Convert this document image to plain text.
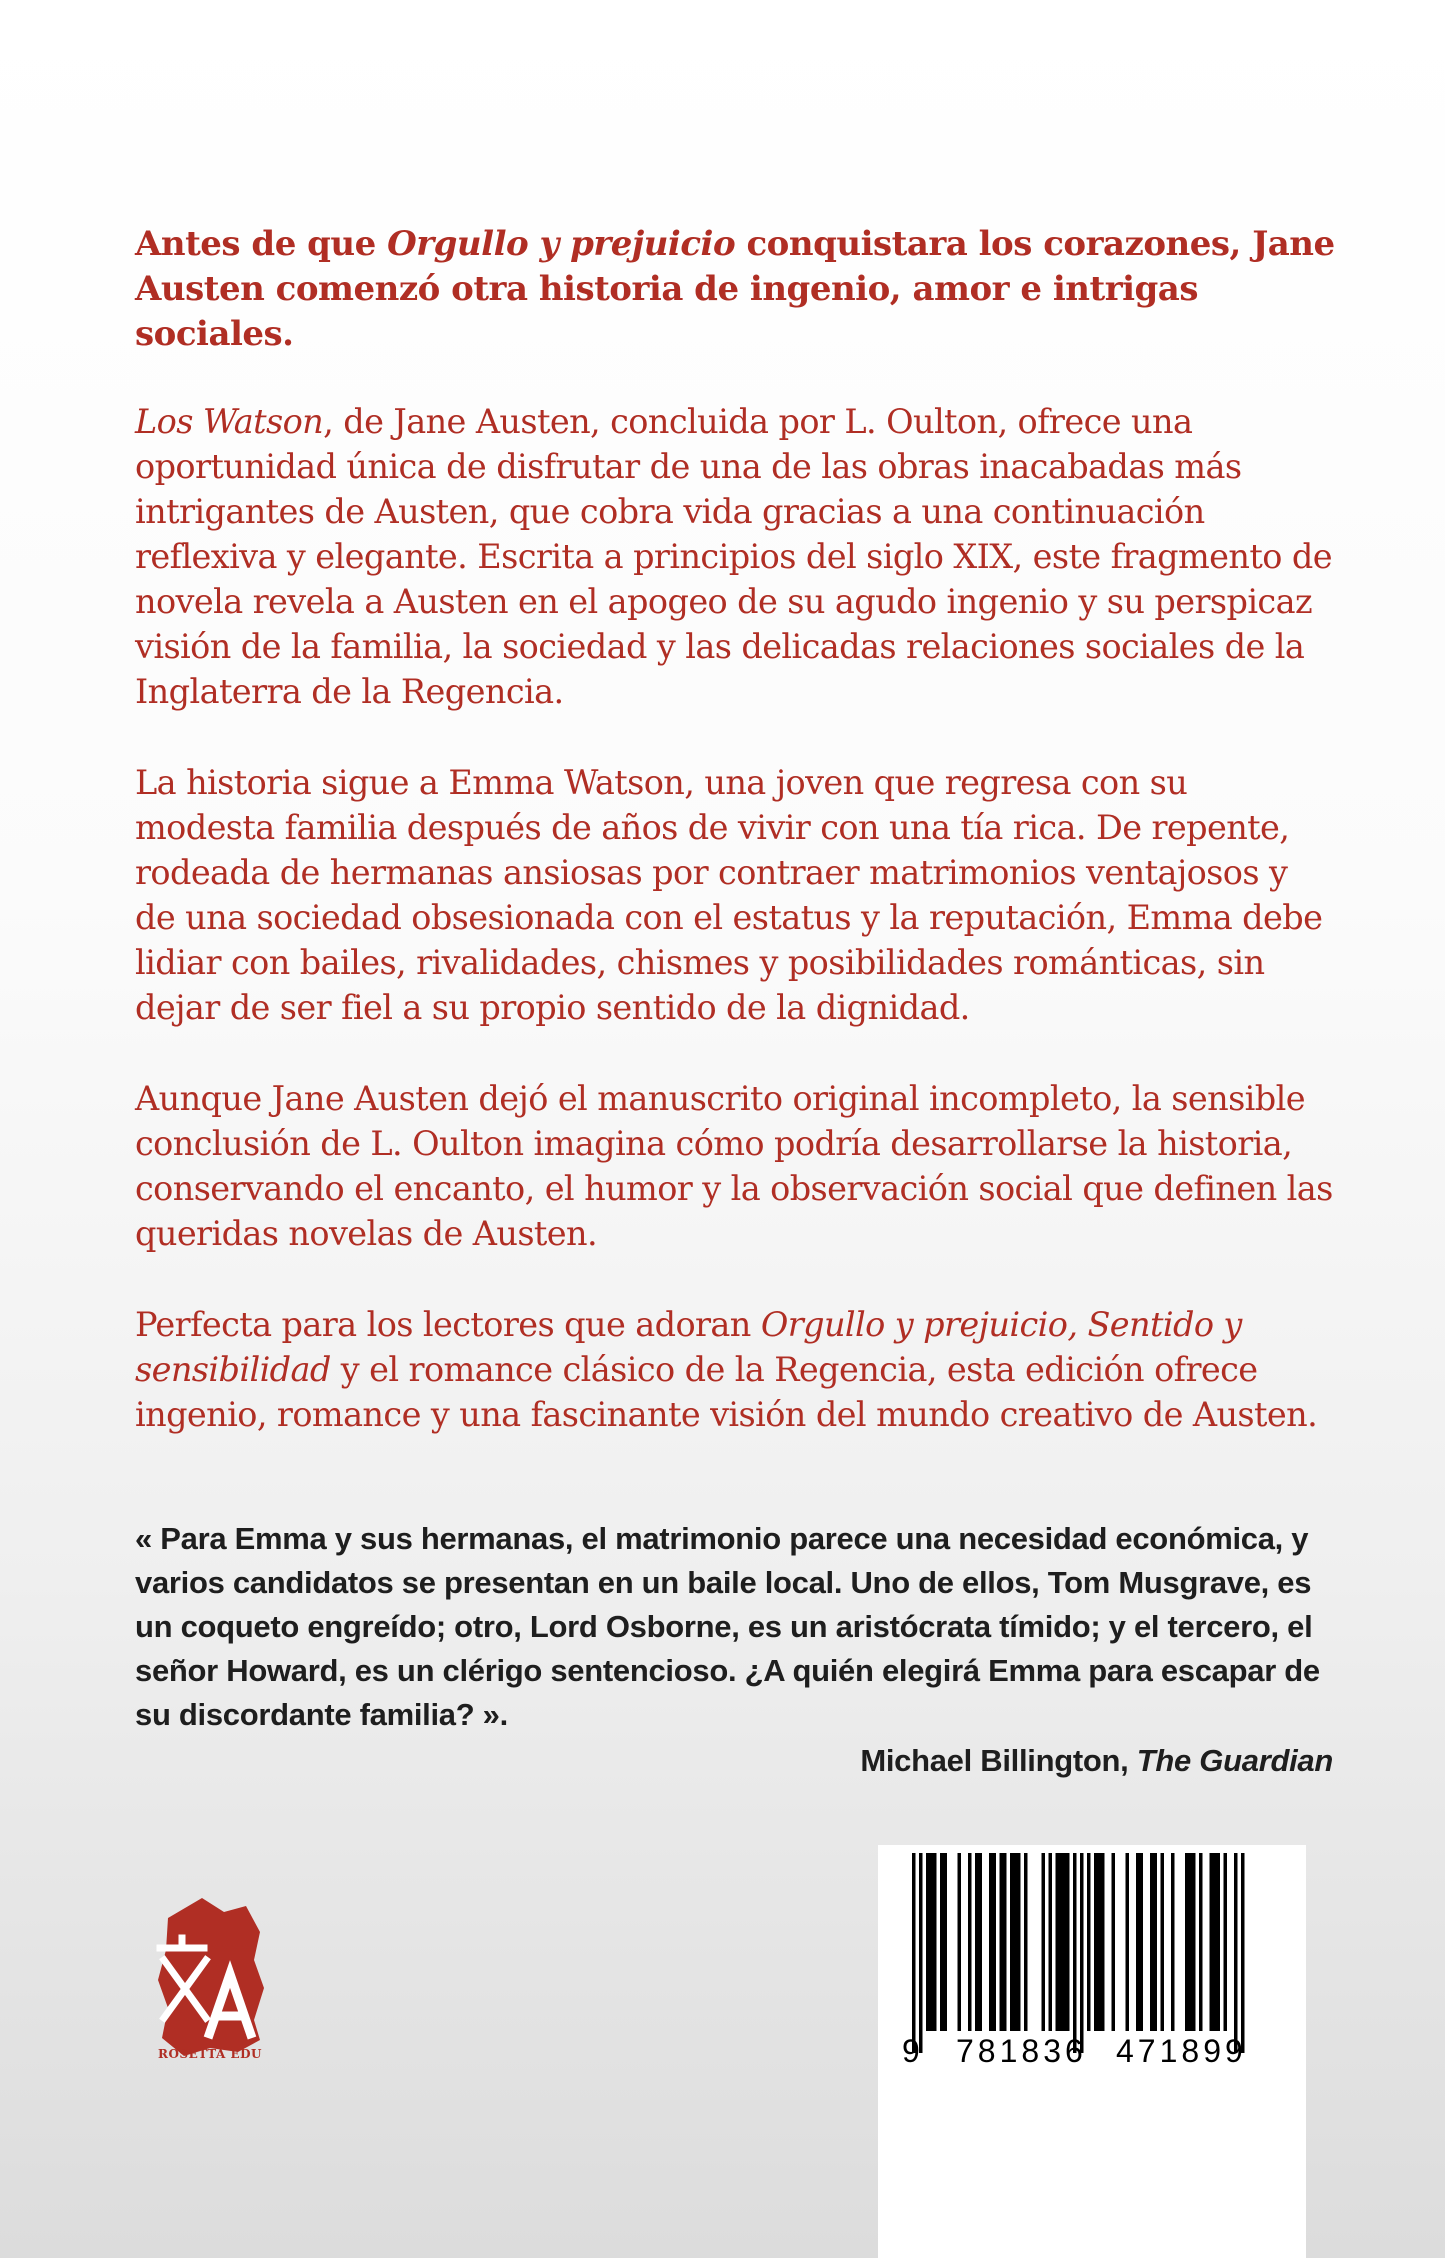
Antes de que Orgullo y prejuicio conquistara los corazones, Jane Austen comenzó otra historia de ingenio, amor e intrigas sociales.

Los Watson, de Jane Austen, concluida por L. Oulton, ofrece una oportunidad única de disfrutar de una de las obras inacabadas más intrigantes de Austen, que cobra vida gracias a una continuación reflexiva y elegante. Escrita a principios del siglo XIX, este fragmento de novela revela a Austen en el apogeo de su agudo ingenio y su perspicaz visión de la familia, la sociedad y las delicadas relaciones sociales de la Inglaterra de la Regencia.

La historia sigue a Emma Watson, una joven que regresa con su modesta familia después de años de vivir con una tía rica. De repente, rodeada de hermanas ansiosas por contraer matrimonios ventajosos y de una sociedad obsesionada con el estatus y la reputación, Emma debe lidiar con bailes, rivalidades, chismes y posibilidades románticas, sin dejar de ser fiel a su propio sentido de la dignidad.

Aunque Jane Austen dejó el manuscrito original incompleto, la sensible conclusión de L. Oulton imagina cómo podría desarrollarse la historia, conservando el encanto, el humor y la observación social que definen las queridas novelas de Austen.

Perfecta para los lectores que adoran Orgullo y prejuicio, Sentido y sensibilidad y el romance clásico de la Regencia, esta edición ofrece ingenio, romance y una fascinante visión del mundo creativo de Austen.

« Para Emma y sus hermanas, el matrimonio parece una necesidad económica, y varios candidatos se presentan en un baile local. Uno de ellos, Tom Musgrave, es un coqueto engreído; otro, Lord Osborne, es un aristócrata tímido; y el tercero, el señor Howard, es un clérigo sentencioso. ¿A quién elegirá Emma para escapar de su discordante familia? ».

Michael Billington, The Guardian
ROSETTA EDU	9 781836 471899
